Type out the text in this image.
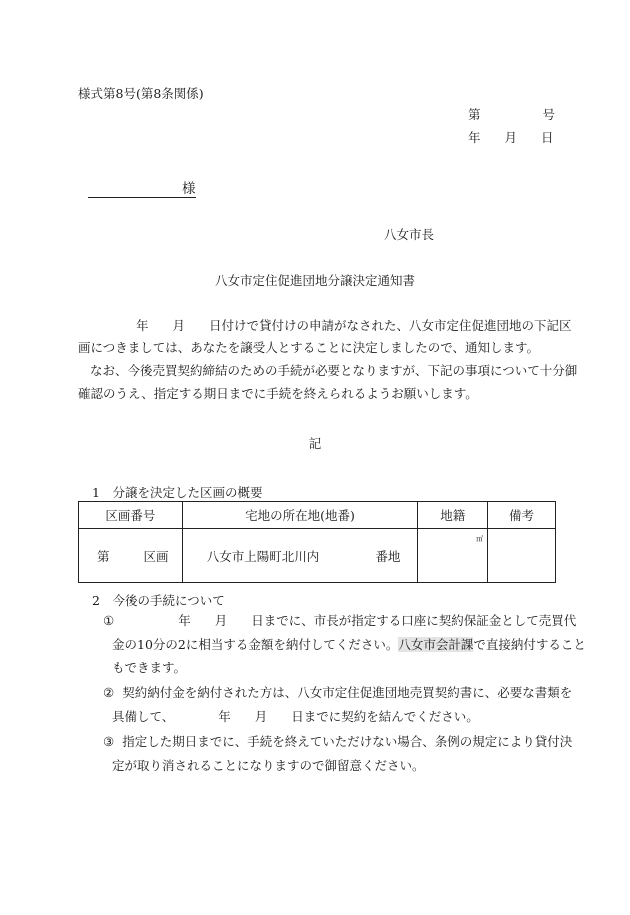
様式第8号(第8条関係)
第	号
年 月 日
様
八女市長
八女市定住促進団地分譲決定通知書
年 月 日付けで貸付けの申請がなされた、八女市定住促進団地の下記区
画につきましては、あなたを譲受人とすることに決定しましたので、通知します。
なお、今後売買契約締結のための手続が必要となりますが、下記の事項について十分御
確認のうえ、指定する期日までに手続を終えられるようお願いします。
記
1　分譲を決定した区画の概要
区画番号	宅地の所在地(地番)	地籍	備考
第 区画	八女市上陽町北川内 番地	㎡	
2　今後の手続について
①	年 月 日までに、市長が指定する口座に契約保証金として売買代
金の10分の2に相当する金額を納付してください。八女市会計課で直接納付すること
もできます。
② 契約納付金を納付された方は、八女市定住促進団地売買契約書に、必要な書類を
具備して、	年 月 日までに契約を結んでください。
③ 指定した期日までに、手続を終えていただけない場合、条例の規定により貸付決
定が取り消されることになりますので御留意ください。
